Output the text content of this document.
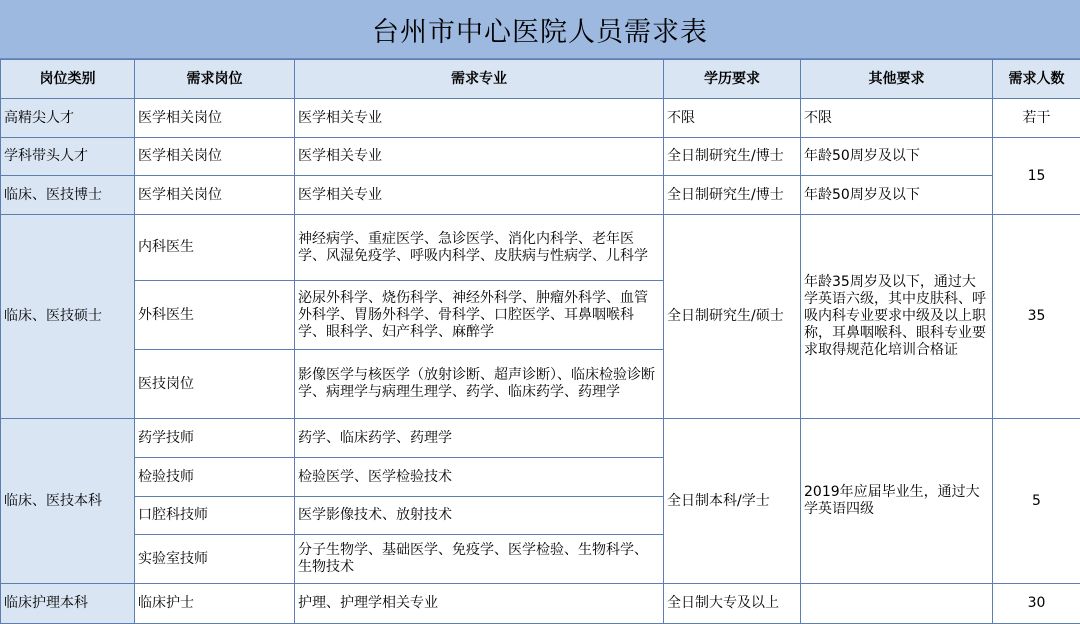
台州市中心医院人员需求表
岗位类别	需求岗位	需求专业	学历要求	其他要求	需求人数
高精尖人才	医学相关岗位	医学相关专业	不限	不限	若干
学科带头人才	医学相关岗位	医学相关专业	全日制研究生/博士	年龄50周岁及以下	15
临床、医技博士	医学相关岗位	医学相关专业	全日制研究生/博士	年龄50周岁及以下	
临床、医技硕士	内科医生	神经病学、重症医学、急诊医学、消化内科学、老年医学、风湿免疫学、呼吸内科学、皮肤病与性病学、儿科学	全日制研究生/硕士	年龄35周岁及以下，通过大学英语六级，其中皮肤科、呼吸内科专业要求中级及以上职称，耳鼻咽喉科、眼科专业要求取得规范化培训合格证	35
	外科医生	泌尿外科学、烧伤科学、神经外科学、肿瘤外科学、血管外科学、胃肠外科学、骨科学、口腔医学、耳鼻咽喉科学、眼科学、妇产科学、麻醉学			
	医技岗位	影像医学与核医学（放射诊断、超声诊断）、临床检验诊断学、病理学与病理生理学、药学、临床药学、药理学			
临床、医技本科	药学技师	药学、临床药学、药理学	全日制本科/学士	2019年应届毕业生，通过大学英语四级	5
	检验技师	检验医学、医学检验技术			
	口腔科技师	医学影像技术、放射技术			
	实验室技师	分子生物学、基础医学、免疫学、医学检验、生物科学、生物技术			
临床护理本科	临床护士	护理、护理学相关专业	全日制大专及以上		30
